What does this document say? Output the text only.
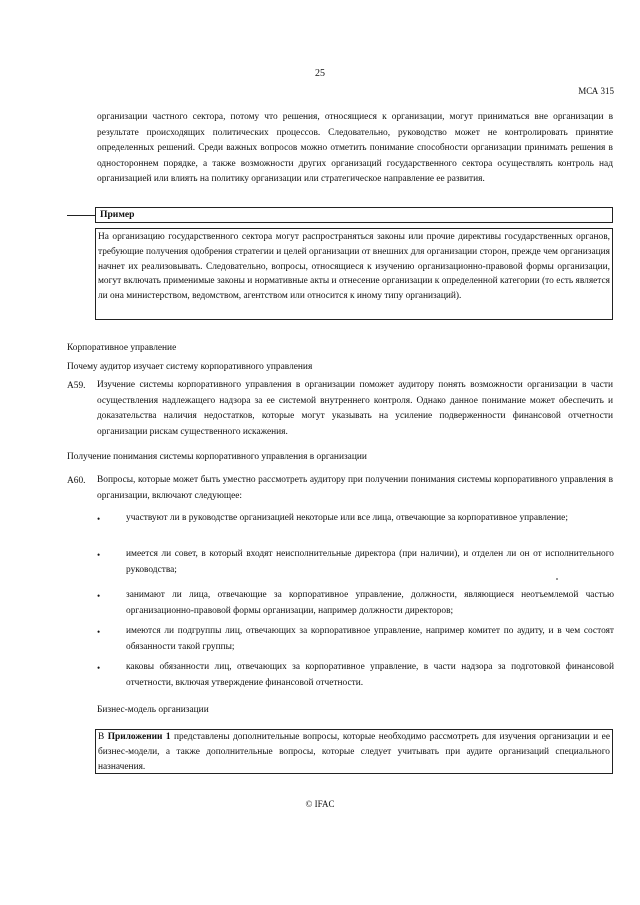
25
МСА 315

организации частного сектора, потому что решения, относящиеся к организации, могут приниматься вне организации в результате происходящих политических процессов. Следовательно, руководство может не контролировать принятие определенных решений. Среди важных вопросов можно отметить понимание способности организации принимать решения в одностороннем порядке, а также возможности других организаций государственного сектора осуществлять контроль над организацией или влиять на политику организации или стратегическое направление ее развития.

Пример

На организацию государственного сектора могут распространяться законы или прочие директивы государственных органов, требующие получения одобрения стратегии и целей организации от внешних для организации сторон, прежде чем организация начнет их реализовывать. Следовательно, вопросы, относящиеся к изучению организационно-правовой формы организации, могут включать применимые законы и нормативные акты и отнесение организации к определенной категории (то есть является ли она министерством, ведомством, агентством или относится к иному типу организаций).

Корпоративное управление
Почему аудитор изучает систему корпоративного управления
A59. Изучение системы корпоративного управления в организации поможет аудитору понять возможности организации в части осуществления надлежащего надзора за ее системой внутреннего контроля. Однако данное понимание может обеспечить и доказательства наличия недостатков, которые могут указывать на усиление подверженности финансовой отчетности организации рискам существенного искажения.

Получение понимания системы корпоративного управления в организации
A60. Вопросы, которые может быть уместно рассмотреть аудитору при получении понимания системы корпоративного управления в организации, включают следующее:

•	участвуют ли в руководстве организацией некоторые или все лица, отвечающие за корпоративное управление;

•	имеется ли совет, в который входят неисполнительные директора (при наличии), и отделен ли он от исполнительного руководства;

•	занимают ли лица, отвечающие за корпоративное управление, должности, являющиеся неотъемлемой частью организационно-правовой формы организации, например должности директоров;

•	имеются ли подгруппы лиц, отвечающих за корпоративное управление, например комитет по аудиту, и в чем состоят обязанности такой группы;

•	каковы обязанности лиц, отвечающих за корпоративное управление, в части надзора за подготовкой финансовой отчетности, включая утверждение финансовой отчетности.

Бизнес-модель организации

В Приложении 1 представлены дополнительные вопросы, которые необходимо рассмотреть для изучения организации и ее бизнес-модели, а также дополнительные вопросы, которые следует учитывать при аудите организаций специального назначения.

© IFAC
